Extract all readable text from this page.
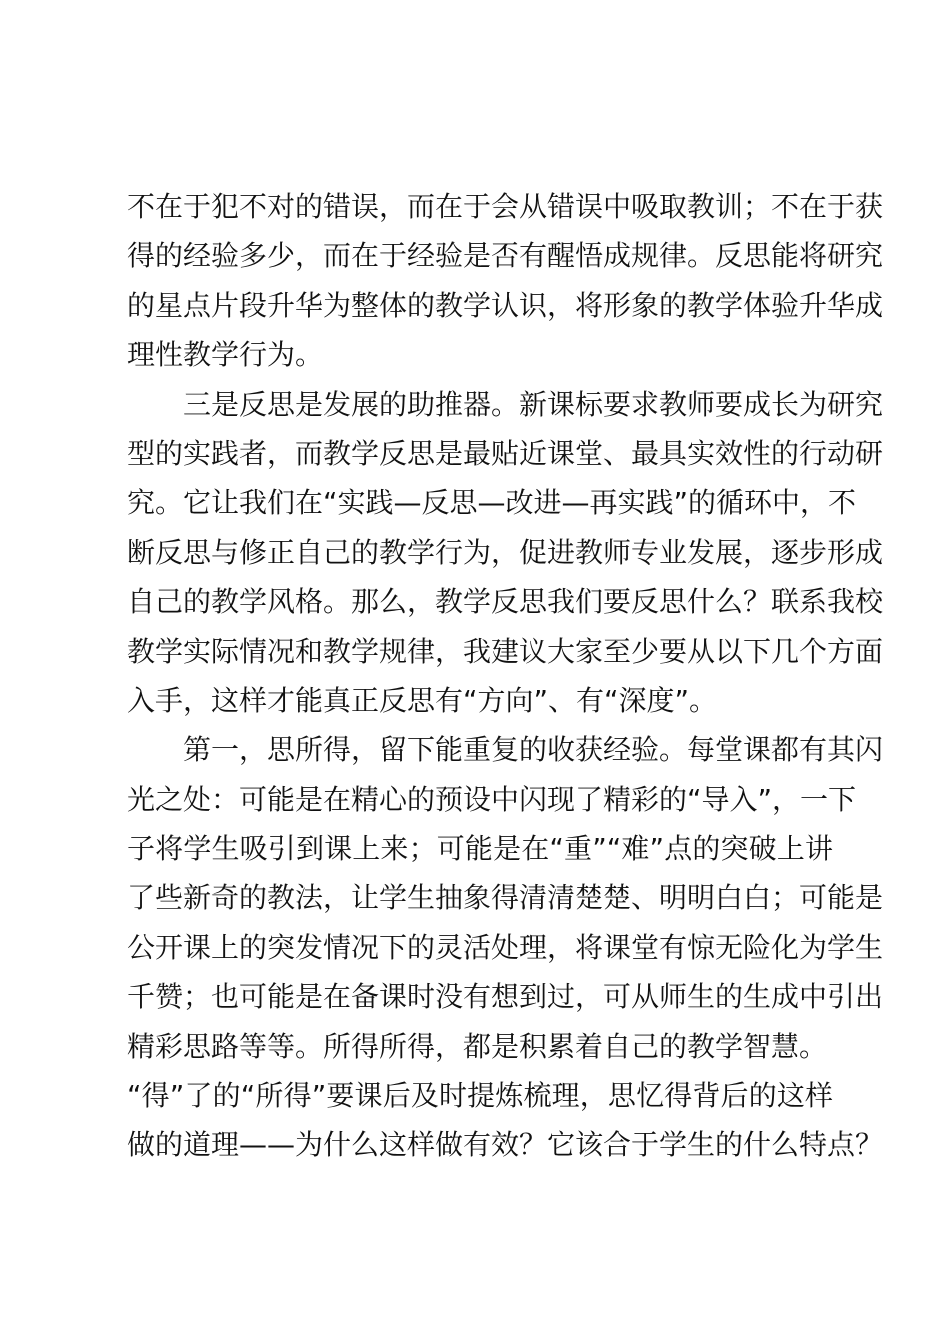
不在于犯不对的错误，而在于会从错误中吸取教训；不在于获
得的经验多少，而在于经验是否有醒悟成规律。反思能将研究
的星点片段升华为整体的教学认识，将形象的教学体验升华成
理性教学行为。
　　三是反思是发展的助推器。新课标要求教师要成长为研究
型的实践者，而教学反思是最贴近课堂、最具实效性的行动研
究。它让我们在“实践—反思—改进—再实践”的循环中，不
断反思与修正自己的教学行为，促进教师专业发展，逐步形成
自己的教学风格。那么，教学反思我们要反思什么？联系我校
教学实际情况和教学规律，我建议大家至少要从以下几个方面
入手，这样才能真正反思有“方向”、有“深度”。
　　第一，思所得，留下能重复的收获经验。每堂课都有其闪
光之处：可能是在精心的预设中闪现了精彩的“导入”，一下
子将学生吸引到课上来；可能是在“重”“难”点的突破上讲
了些新奇的教法，让学生抽象得清清楚楚、明明白白；可能是
公开课上的突发情况下的灵活处理，将课堂有惊无险化为学生
千赞；也可能是在备课时没有想到过，可从师生的生成中引出
精彩思路等等。所得所得，都是积累着自己的教学智慧。
“得”了的“所得”要课后及时提炼梳理，思忆得背后的这样
做的道理——为什么这样做有效？它该合于学生的什么特点？
